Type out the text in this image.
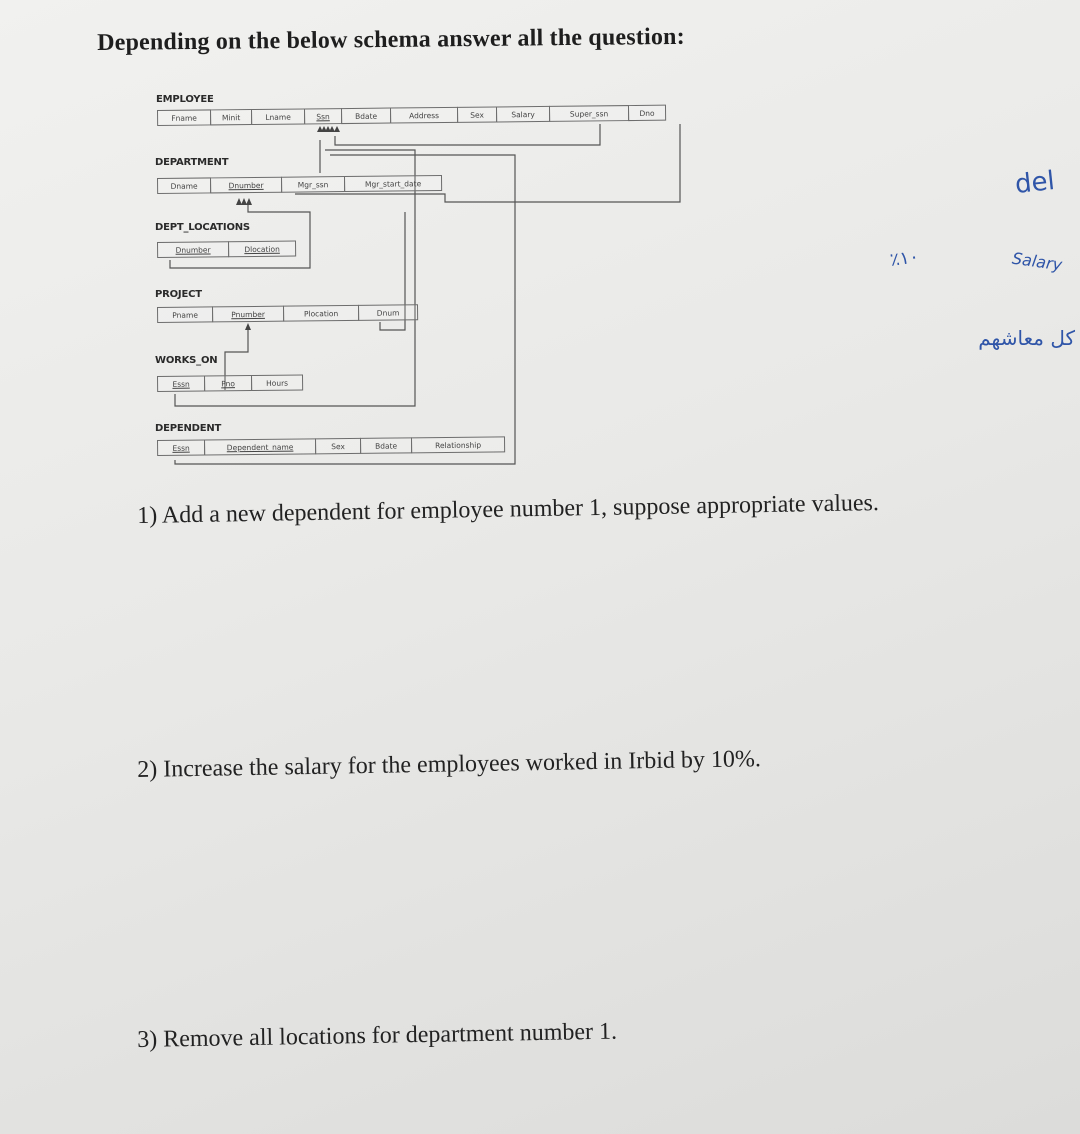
Depending on the below schema answer all the question:
EMPLOYEE
Fname	Minit	Lname	Ssn	Bdate	Address	Sex	Salary	Super_ssn	Dno
DEPARTMENT
Dname	Dnumber	Mgr_ssn	Mgr_start_date
DEPT_LOCATIONS
Dnumber	Dlocation
PROJECT
Pname	Pnumber	Plocation	Dnum
WORKS_ON
Essn	Pno	Hours
DEPENDENT
Essn	Dependent_name	Sex	Bdate	Relationship
del
٪١٠	Salary
كل معاشهم
1) Add a new dependent for employee number 1, suppose appropriate values.
2) Increase the salary for the employees worked in Irbid by 10%.
3) Remove all locations for department number 1.
